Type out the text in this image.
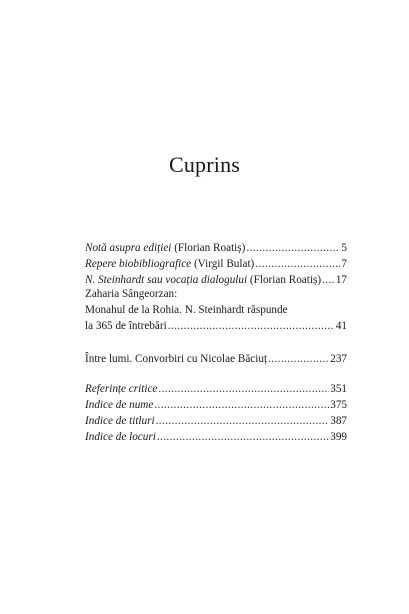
Cuprins
Notă asupra ediției (Florian Roatiș) .....	5
Repere biobibliografice (Virgil Bulat) .....	7
N. Steinhardt sau vocația dialogului (Florian Roatiș) ..... 17
Zaharia Sângeorzan:
Monahul de la Rohia. N. Steinhardt răspunde
la 365 de întrebări .....	41
Între lumi. Convorbiri cu Nicolae Băciuț .....	237
Referințe critice .....	351
Indice de nume .....	375
Indice de titluri .....	387
Indice de locuri .....	399
